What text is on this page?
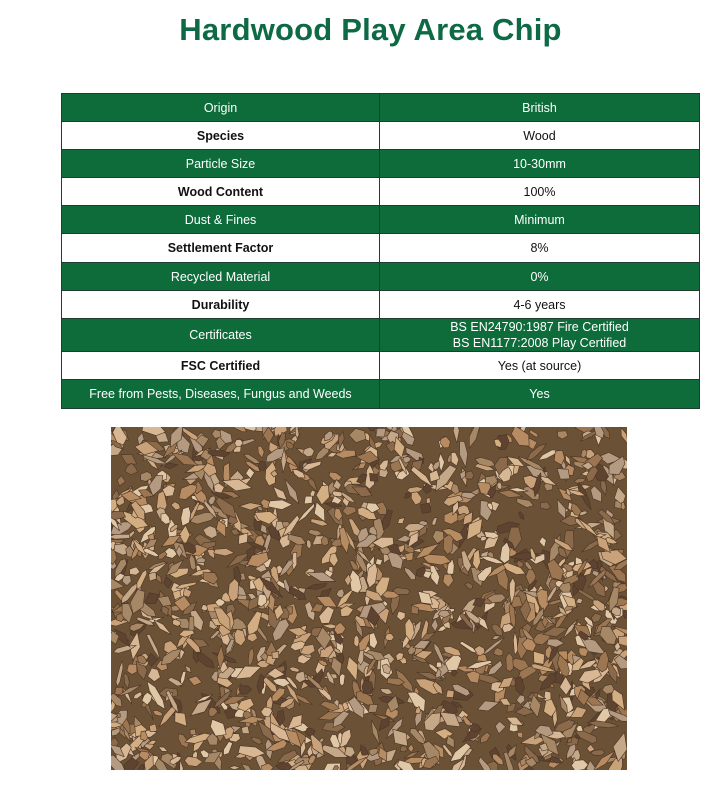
Hardwood Play Area Chip
Origin	British
Species	Wood
Particle Size	10-30mm
Wood Content	100%
Dust & Fines	Minimum
Settlement Factor	8%
Recycled Material	0%
Durability	4-6 years
Certificates	BS EN24790:1987 Fire Certified
BS EN1177:2008 Play Certified

FSC Certified	Yes (at source)
Free from Pests, Diseases, Fungus and Weeds	Yes
